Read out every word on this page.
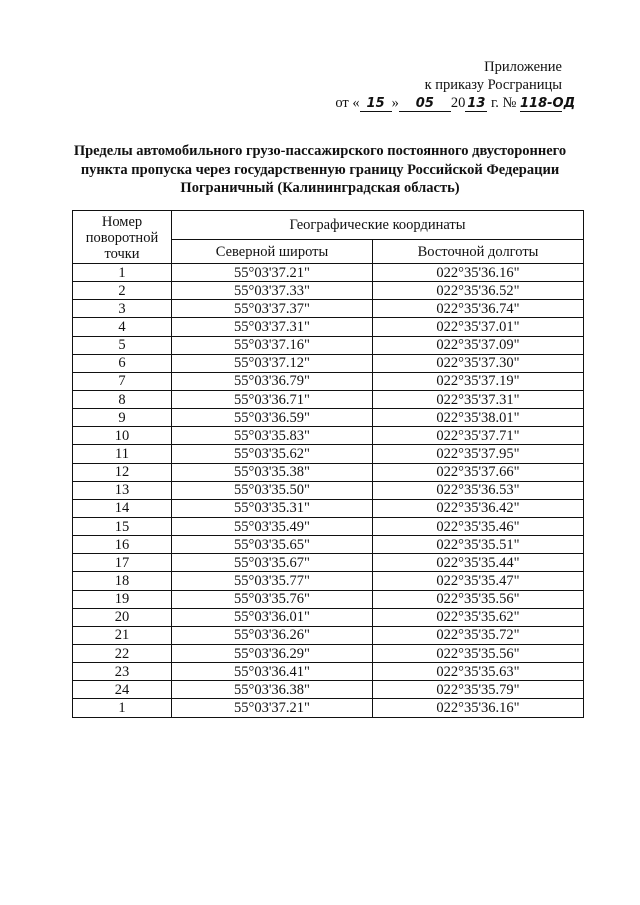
Приложение
к приказу Росграницы
от « 15 » 05 20 13 г. № 118-ОД
Пределы автомобильного грузо-пассажирского постоянного двустороннего
пункта пропуска через государственную границу Российской Федерации
Пограничный (Калининградская область)
Номер поворотной точки	Географические координаты	
	Северной широты	Восточной долготы
1	55°03'37.21"	022°35'36.16"
2	55°03'37.33"	022°35'36.52"
3	55°03'37.37"	022°35'36.74"
4	55°03'37.31"	022°35'37.01"
5	55°03'37.16"	022°35'37.09"
6	55°03'37.12"	022°35'37.30"
7	55°03'36.79"	022°35'37.19"
8	55°03'36.71"	022°35'37.31"
9	55°03'36.59"	022°35'38.01"
10	55°03'35.83"	022°35'37.71"
11	55°03'35.62"	022°35'37.95"
12	55°03'35.38"	022°35'37.66"
13	55°03'35.50"	022°35'36.53"
14	55°03'35.31"	022°35'36.42"
15	55°03'35.49"	022°35'35.46"
16	55°03'35.65"	022°35'35.51"
17	55°03'35.67"	022°35'35.44"
18	55°03'35.77"	022°35'35.47"
19	55°03'35.76"	022°35'35.56"
20	55°03'36.01"	022°35'35.62"
21	55°03'36.26"	022°35'35.72"
22	55°03'36.29"	022°35'35.56"
23	55°03'36.41"	022°35'35.63"
24	55°03'36.38"	022°35'35.79"
1	55°03'37.21"	022°35'36.16"
